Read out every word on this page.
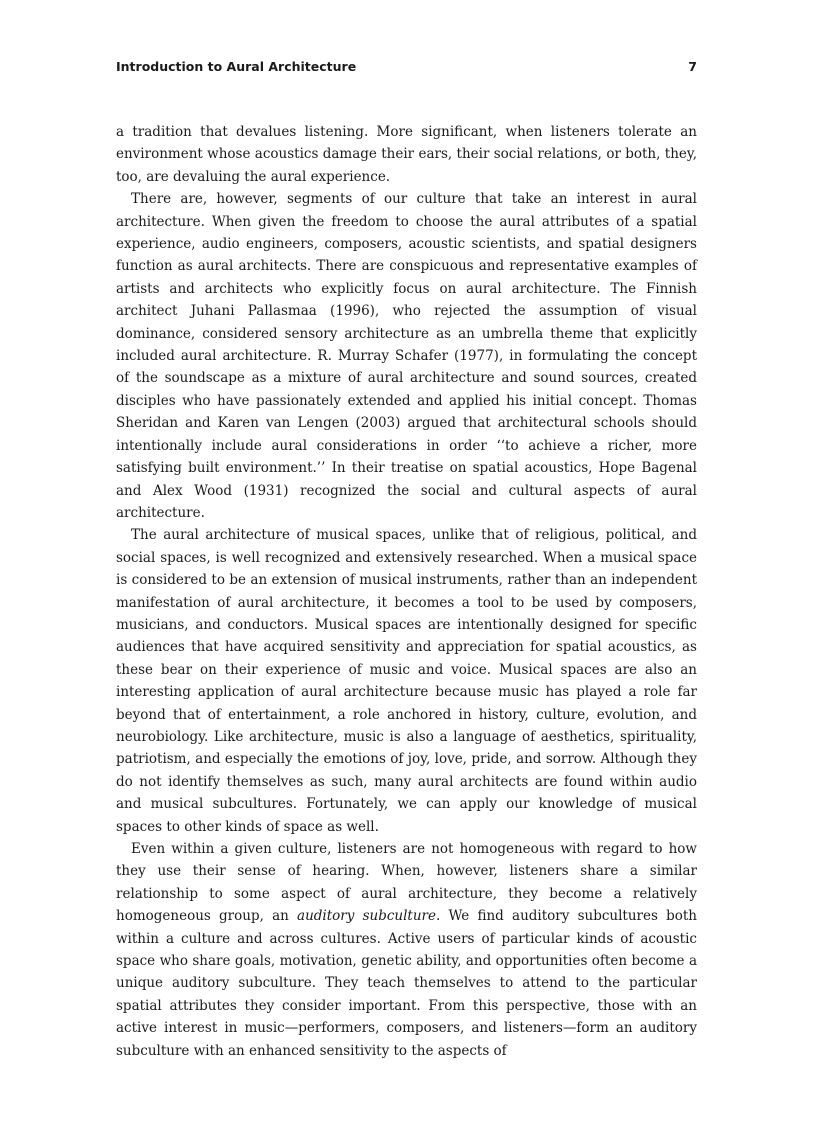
Introduction to Aural Architecture	7

a tradition that devalues listening. More significant, when listeners tolerate an environment whose acoustics damage their ears, their social relations, or both, they, too, are devaluing the aural experience.

There are, however, segments of our culture that take an interest in aural architecture. When given the freedom to choose the aural attributes of a spatial experience, audio engineers, composers, acoustic scientists, and spatial designers function as aural architects. There are conspicuous and representative examples of artists and architects who explicitly focus on aural architecture. The Finnish architect Juhani Pallasmaa (1996), who rejected the assumption of visual dominance, considered sensory architecture as an umbrella theme that explicitly included aural architecture. R. Murray Schafer (1977), in formulating the concept of the soundscape as a mixture of aural architecture and sound sources, created disciples who have passionately extended and applied his initial concept. Thomas Sheridan and Karen van Lengen (2003) argued that architectural schools should intentionally include aural considerations in order ‘‘to achieve a richer, more satisfying built environment.’’ In their treatise on spatial acoustics, Hope Bagenal and Alex Wood (1931) recognized the social and cultural aspects of aural architecture.

The aural architecture of musical spaces, unlike that of religious, political, and social spaces, is well recognized and extensively researched. When a musical space is considered to be an extension of musical instruments, rather than an independent manifestation of aural architecture, it becomes a tool to be used by composers, musicians, and conductors. Musical spaces are intentionally designed for specific audiences that have acquired sensitivity and appreciation for spatial acoustics, as these bear on their experience of music and voice. Musical spaces are also an interesting application of aural architecture because music has played a role far beyond that of entertainment, a role anchored in history, culture, evolution, and neurobiology. Like architecture, music is also a language of aesthetics, spirituality, patriotism, and especially the emotions of joy, love, pride, and sorrow. Although they do not identify themselves as such, many aural architects are found within audio and musical subcultures. Fortunately, we can apply our knowledge of musical spaces to other kinds of space as well.

Even within a given culture, listeners are not homogeneous with regard to how they use their sense of hearing. When, however, listeners share a similar relationship to some aspect of aural architecture, they become a relatively homogeneous group, an auditory subculture. We find auditory subcultures both within a culture and across cultures. Active users of particular kinds of acoustic space who share goals, motivation, genetic ability, and opportunities often become a unique auditory subculture. They teach themselves to attend to the particular spatial attributes they consider important. From this perspective, those with an active interest in music—performers, composers, and listeners—form an auditory subculture with an enhanced sensitivity to the aspects of
